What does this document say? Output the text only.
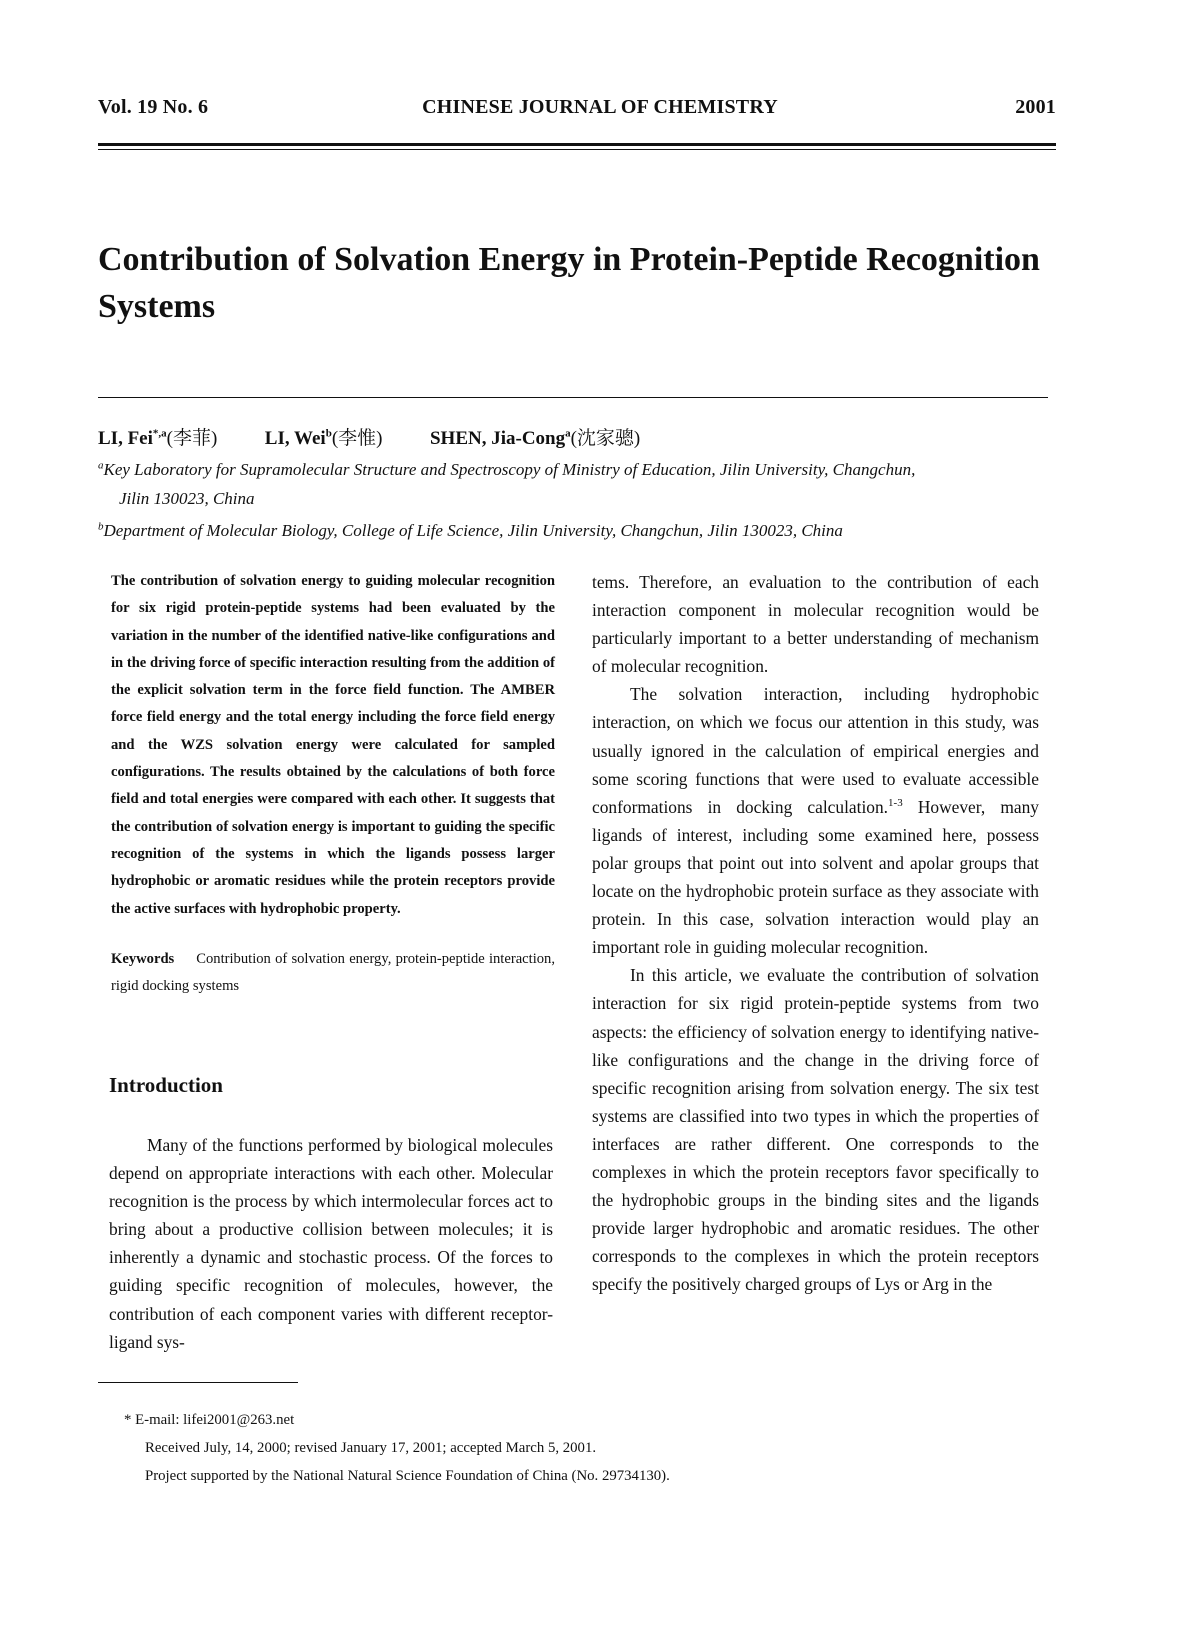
Vol. 19 No. 6	CHINESE JOURNAL OF CHEMISTRY	2001
Contribution of Solvation Energy in Protein-Peptide Recognition Systems
LI, Fei$^{*,a}$(李菲)	LI, Wei$^b$(李惟)	SHEN, Jia-Cong$^a$(沈家骢)
$^a$Key Laboratory for Supramolecular Structure and Spectroscopy of Ministry of Education, Jilin University, Changchun,
Jilin 130023, China
$^b$Department of Molecular Biology, College of Life Science, Jilin University, Changchun, Jilin 130023, China

The contribution of solvation energy to guiding molecular recognition for six rigid protein-peptide systems had been evaluated by the variation in the number of the identified native-like configurations and in the driving force of specific interaction resulting from the addition of the explicit solvation term in the force field function. The AMBER force field energy and the total energy including the force field energy and the WZS solvation energy were calculated for sampled configurations. The results obtained by the calculations of both force field and total energies were compared with each other. It suggests that the contribution of solvation energy is important to guiding the specific recognition of the systems in which the ligands possess larger hydrophobic or aromatic residues while the protein receptors provide the active surfaces with hydrophobic property.

Keywords Contribution of solvation energy, protein-peptide interaction, rigid docking systems

Introduction

Many of the functions performed by biological molecules depend on appropriate interactions with each other. Molecular recognition is the process by which intermolecular forces act to bring about a productive collision between molecules; it is inherently a dynamic and stochastic process. Of the forces to guiding specific recognition of molecules, however, the contribution of each component varies with different receptor-ligand sys-

tems. Therefore, an evaluation to the contribution of each interaction component in molecular recognition would be particularly important to a better understanding of mechanism of molecular recognition.

The solvation interaction, including hydrophobic interaction, on which we focus our attention in this study, was usually ignored in the calculation of empirical energies and some scoring functions that were used to evaluate accessible conformations in docking calculation.$^{1-3}$ However, many ligands of interest, including some examined here, possess polar groups that point out into solvent and apolar groups that locate on the hydrophobic protein surface as they associate with protein. In this case, solvation interaction would play an important role in guiding molecular recognition.

In this article, we evaluate the contribution of solvation interaction for six rigid protein-peptide systems from two aspects: the efficiency of solvation energy to identifying native-like configurations and the change in the driving force of specific recognition arising from solvation energy. The six test systems are classified into two types in which the properties of interfaces are rather different. One corresponds to the complexes in which the protein receptors favor specifically to the hydrophobic groups in the binding sites and the ligands provide larger hydrophobic and aromatic residues. The other corresponds to the complexes in which the protein receptors specify the positively charged groups of Lys or Arg in the

* E-mail: lifei2001@263.net
Received July, 14, 2000; revised January 17, 2001; accepted March 5, 2001.
Project supported by the National Natural Science Foundation of China (No. 29734130).
